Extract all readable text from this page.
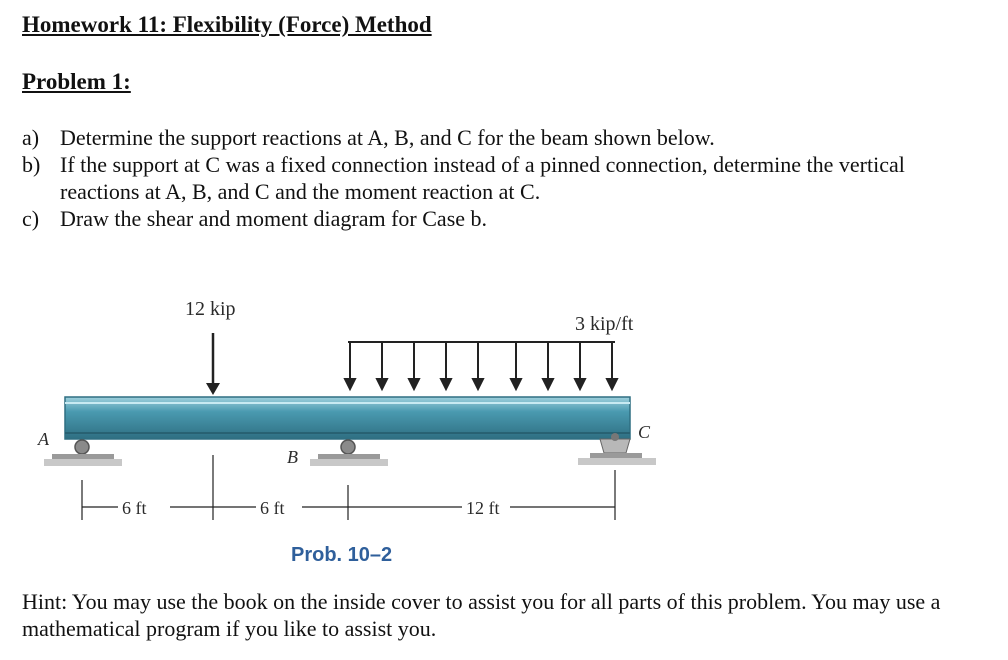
Homework 11: Flexibility (Force) Method
Problem 1:
a) Determine the support reactions at A, B, and C for the beam shown below.
b) If the support at C was a fixed connection instead of a pinned connection, determine the vertical reactions at A, B, and C and the moment reaction at C.
c) Draw the shear and moment diagram for Case b.
12 kip
3 kip/ft
A
B
C
6 ft	6 ft	12 ft
Prob. 10–2
Hint: You may use the book on the inside cover to assist you for all parts of this problem. You may use a mathematical program if you like to assist you.
